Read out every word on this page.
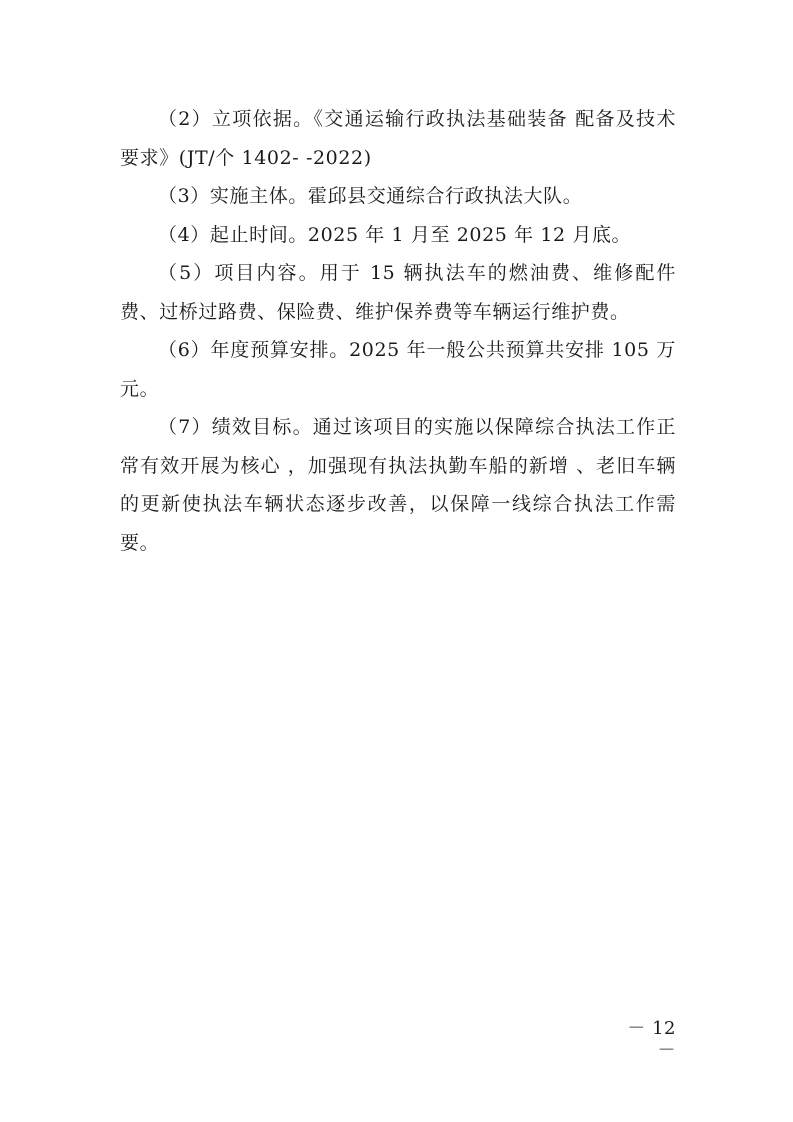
（2）立项依据。《交通运输行政执法基础装备 配备及技术要求》(JT/个 1402- -2022)

（3）实施主体。霍邱县交通综合行政执法大队。

（4）起止时间。2025 年 1 月至 2025 年 12 月底。

（5）项目内容。用于 15 辆执法车的燃油费、维修配件费、过桥过路费、保险费、维护保养费等车辆运行维护费。

（6）年度预算安排。2025 年一般公共预算共安排 105 万元。

（7）绩效目标。通过该项目的实施以保障综合执法工作正常有效开展为核心 ，加强现有执法执勤车船的新增 、老旧车辆的更新使执法车辆状态逐步改善，以保障一线综合执法工作需要。

－ 12 －
